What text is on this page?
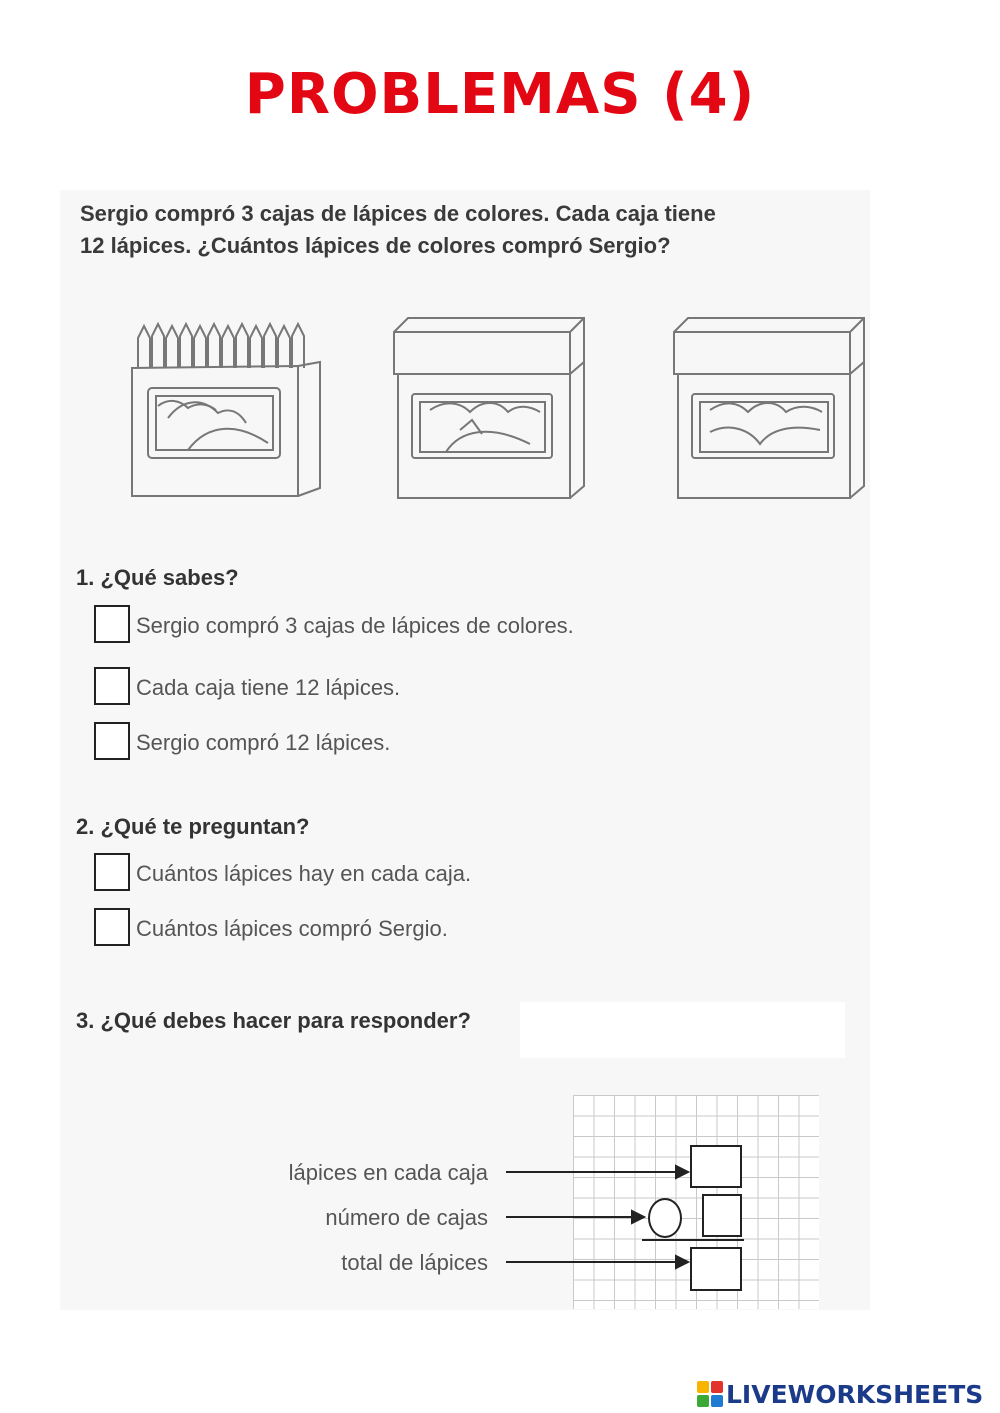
PROBLEMAS (4)
Sergio compró 3 cajas de lápices de colores. Cada caja tiene
12 lápices. ¿Cuántos lápices de colores compró Sergio?
1. ¿Qué sabes?
Sergio compró 3 cajas de lápices de colores.
Cada caja tiene 12 lápices.
Sergio compró 12 lápices.
2. ¿Qué te preguntan?
Cuántos lápices hay en cada caja.
Cuántos lápices compró Sergio.
3. ¿Qué debes hacer para responder?
lápices en cada caja
número de cajas
total de lápices
LIVEWORKSHEETS
